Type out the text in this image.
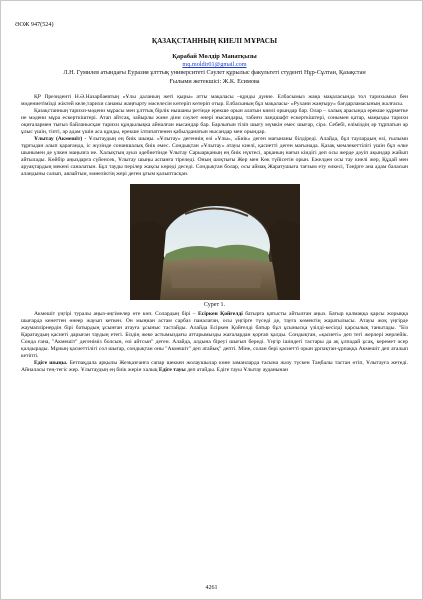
ӘОЖ 947(524)
ҚАЗАҚСТАННЫҢ КИЕЛІ МҰРАСЫ
Қарабай Мөлдір Манатқызы
mq.moldir01@gmail.com
Л.Н. Гумилев атындағы Еуразия ұлттық университеті Сәулет құрылыс факультеті студенті Нұр-Сұлтан, Қазақстан
Ғылыми жетекшісі: Ж.К. Есимова

ҚР Президенті Н.Ә.Назарбаевтың «Ұлы даланың жеті қыры» атты мақаласы –құнды дүние. Елбасымыз жаңа мақаласында тол тарихымыз бен мәдениетімізді жіктей келе,тарихи сананы жаңғырту мәселесін көтеріп көтеріп отыр. Елбасының бұл мақаласы- «Рухани жаңғыру» бағдарламасының жалғасы.

Қазақстанның тарихи-мәдени мұрасы мен ұлттық бірлік нышаны ретінде ерекше орын алатын киелі орындар бар. Олар – халық арасында ерекше құрметке ие мәдени мұра ескерткіштері. Атап айтсақ, зайырлы және діни сәулет өнері нысандары, табиғи ландшафт ескерткіштері, сонымен қатар, маңызды тарихи оқиғалармен тығыз байланысқан тарихи құндылықка айналған нысандар бар. Барлығын тізіп шығу мүмкін емес шығар, сірә. Себебі, еліміздің әр тұрпатын әр ұлыс үшін, тіпті, әр адам үшін аса құнды, ерекше ілтипатпенен қабылданатын нысандар мен орындар.

Ұлытау (Акмешіт) - Ұлытаудың ең биік шыңы. «Ұлытау» дегеннің өзі «Ұлы», «Биік» деген мағынаны білдіреді. Алайда, бұл таулардың өзі, ғылыми тұрғыдан алып қарағанда, іс жүзінде сонаншалық биік емес. Сондықтан «Ұлытау» атауы киелі, қасиетті деген мағынада. Қазақ мемлекеттілігі үшін бұл өлке шынымен де үлкен маңызға ие. Халықтың ауыз әдебиетінде Ұлытау Сарыарқаның ең биік нүктесі, арқаның нағыз кіндігі деп осы жерде дәуіп ақындар жайып айтылады. Көйбір аңыздарға сүйенсек, Ұлытау шыңы аспанға тіреледі. Оның шоқтығы Жер мен Көк түйісетін орын. Ежелден осы тау киелі жер, Құдай мен аруақтардың мекені саналатын. Бұл тауды перілер жақсы көреді деседі. Сондықтан болар, осы аймақ Жаратушыға тағзым ету өлкесі, Тәңірге ана адам баласын аландыны салып, аялайтын, мәнеліктің жері деген ұғым қалыптасқан.

Сурет 1.

Акмешіт үңгірі туралы аңыз-әңгімелер өте көп. Солардың бірі – Есіркен Қойғелді батырға қатысты айтылған аңыз. Батыр қалмаққа қарсы жорыққа шығарда кенеттен өнеер жауып кеткен. Он мыңнан астам сарбаз паналаған, осы үңгірге түседі де, тауға көмектің жаратылысы. Атауы жоқ үңгірде жаумаплірнердін бірі батырдың ұсынған атауға ұсыныс тастайды. Алайда Есіркен Қойғелді батыр бұл ұсынысқа үзілді-кесілді қарсылық танытады. "Біз Қаратаудың қасиеті дарыған таудың етегі. Біздің жеке астымыздағы аттарымызды жағалардан қорғап қалды. Сондықтан, «қасиеті» деп тегі жерлері жерлейік. Сонда ғана, "Акмешіт" дегеніміз болсын, өзі айтсын" деген. Алайда, алдына біреуі шығып береді. Үңгір ішіндегі тастары да ақ ұлпадай ұсақ, керемет әсер қалдырады. Мұның қасиеттілігі сол шығар, сондықтан оны "Акмешіт" деп атайық" депті. Міне, солан бері қасиетті орын ұрпақтан-ұрпаққа Акмешіт деп аталып кетіпті.

Едіге шыңы. Бетпақдала арқылы Жезқазғанға сапар шеккен жолаушылар көне заманларда тасына жазу түскен Таңбалы тастан өтіп, Ұлытауға жетеді. Айналасы тең-тегіс жер. Ұлытаудың ең биік жерін халық Едіге тауы деп атайды. Едіге тауы Ұлытау ауданынан

4261
